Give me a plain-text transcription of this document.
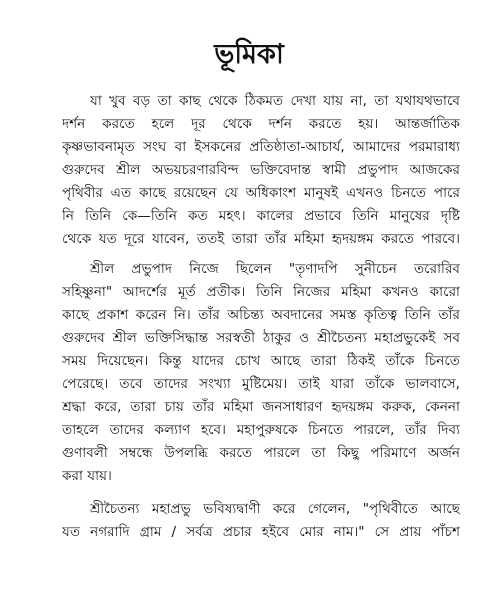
ভূমিকা
যা খুব বড় তা কাছ থেকে ঠিকমত দেখা যায় না, তা যথাযথভাবে
দর্শন করতে হলে দূর থেকে দর্শন করতে হয়। আন্তর্জাতিক
কৃষ্ণভাবনামৃত সংঘ বা ইসকনের প্রতিষ্ঠাতা-আচার্য, আমাদের পরমারাধ্য
গুরুদেব শ্রীল অভয়চরণারবিন্দ ভক্তিবেদান্ত স্বামী প্রভুপাদ আজকের
পৃথিবীর এত কাছে রয়েছেন যে অধিকাংশ মানুষই এখনও চিনতে পারে
নি তিনি কে—তিনি কত মহৎ। কালের প্রভাবে তিনি মানুষের দৃষ্টি
থেকে যত দূরে যাবেন, ততই তারা তাঁর মহিমা হৃদয়ঙ্গম করতে পারবে।
শ্রীল প্রভুপাদ নিজে ছিলেন "তৃণাদপি সুনীচেন তরোরিব
সহিষ্ণুনা" আদর্শের মূর্ত প্রতীক। তিনি নিজের মহিমা কখনও কারো
কাছে প্রকাশ করেন নি। তাঁর অচিন্ত্য অবদানের সমস্ত কৃতিত্ব তিনি তাঁর
গুরুদেব শ্রীল ভক্তিসিদ্ধান্ত সরস্বতী ঠাকুর ও শ্রীচৈতন্য মহাপ্রভুকেই সব
সময় দিয়েছেন। কিন্তু যাদের চোখ আছে তারা ঠিকই তাঁকে চিনতে
পেরেছে। তবে তাদের সংখ্যা মুষ্টিমেয়। তাই যারা তাঁকে ভালবাসে,
শ্রদ্ধা করে, তারা চায় তাঁর মহিমা জনসাধারণ হৃদয়ঙ্গম করুক, কেননা
তাহলে তাদের কল্যাণ হবে। মহাপুরুষকে চিনতে পারলে, তাঁর দিব্য
গুণাবলী সম্বন্ধে উপলব্ধি করতে পারলে তা কিছু পরিমাণে অর্জন
করা যায়।
শ্রীচৈতন্য মহাপ্রভু ভবিষ্যদ্বাণী করে গেলেন, "পৃথিবীতে আছে
যত নগরাদি গ্রাম / সর্বত্র প্রচার হইবে মোর নাম।" সে প্রায় পাঁচশ
